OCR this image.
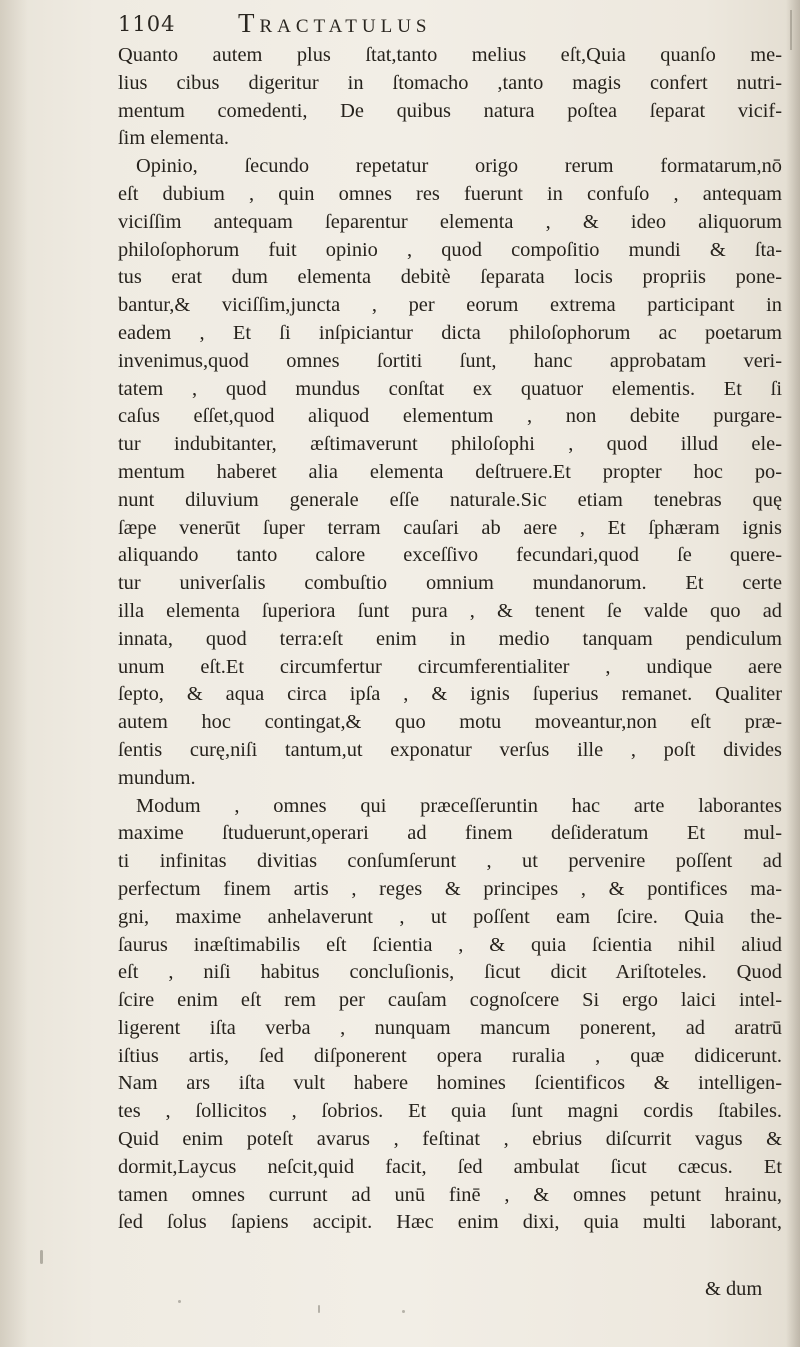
1104 Tractatulus
Quanto autem plus ſtat,tanto melius eſt,Quia quanſo me-
lius cibus digeritur in ſtomacho ,tanto magis confert nutri-
mentum comedenti, De quibus natura poſtea ſeparat vicif-
ſim elementa.
Opinio, ſecundo repetatur origo rerum formatarum,nō
eſt dubium , quin omnes res fuerunt in confuſo , antequam
viciſſim antequam ſeparentur elementa , & ideo aliquorum
philoſophorum fuit opinio , quod compoſitio mundi & ſta-
tus erat dum elementa debitè ſeparata locis propriis pone-
bantur,& viciſſim,juncta , per eorum extrema participant in
eadem , Et ſi inſpiciantur dicta philoſophorum ac poetarum
invenimus,quod omnes ſortiti ſunt, hanc approbatam veri-
tatem , quod mundus conſtat ex quatuor elementis. Et ſi
caſus eſſet,quod aliquod elementum , non debite purgare-
tur indubitanter, æſtimaverunt philoſophi , quod illud ele-
mentum haberet alia elementa deſtruere.Et propter hoc po-
nunt diluvium generale eſſe naturale.Sic etiam tenebras quę
ſæpe venerūt ſuper terram cauſari ab aere , Et ſphæram ignis
aliquando tanto calore exceſſivo fecundari,quod ſe quere-
tur univerſalis combuſtio omnium mundanorum. Et certe
illa elementa ſuperiora ſunt pura , & tenent ſe valde quo ad
innata, quod terra:eſt enim in medio tanquam pendiculum
unum eſt.Et circumfertur circumferentialiter , undique aere
ſepto, & aqua circa ipſa , & ignis ſuperius remanet. Qualiter
autem hoc contingat,& quo motu moveantur,non eſt præ-
ſentis curę,niſi tantum,ut exponatur verſus ille , poſt divides
mundum.
Modum , omnes qui præceſſeruntin hac arte laborantes
maxime ſtuduerunt,operari ad finem deſideratum Et mul-
ti infinitas divitias conſumſerunt , ut pervenire poſſent ad
perfectum finem artis , reges & principes , & pontifices ma-
gni, maxime anhelaverunt , ut poſſent eam ſcire. Quia the-
ſaurus inæſtimabilis eſt ſcientia , & quia ſcientia nihil aliud
eſt , niſi habitus concluſionis, ſicut dicit Ariſtoteles. Quod
ſcire enim eſt rem per cauſam cognoſcere Si ergo laici intel-
ligerent iſta verba , nunquam mancum ponerent, ad aratrū
iſtius artis, ſed diſponerent opera ruralia , quæ didicerunt.
Nam ars iſta vult habere homines ſcientificos & intelligen-
tes , ſollicitos , ſobrios. Et quia ſunt magni cordis ſtabiles.
Quid enim poteſt avarus , feſtinat , ebrius diſcurrit vagus &
dormit,Laycus neſcit,quid facit, ſed ambulat ſicut cæcus. Et
tamen omnes currunt ad unū finē , & omnes petunt hrainu,
ſed ſolus ſapiens accipit. Hæc enim dixi, quia multi laborant,
& dum
